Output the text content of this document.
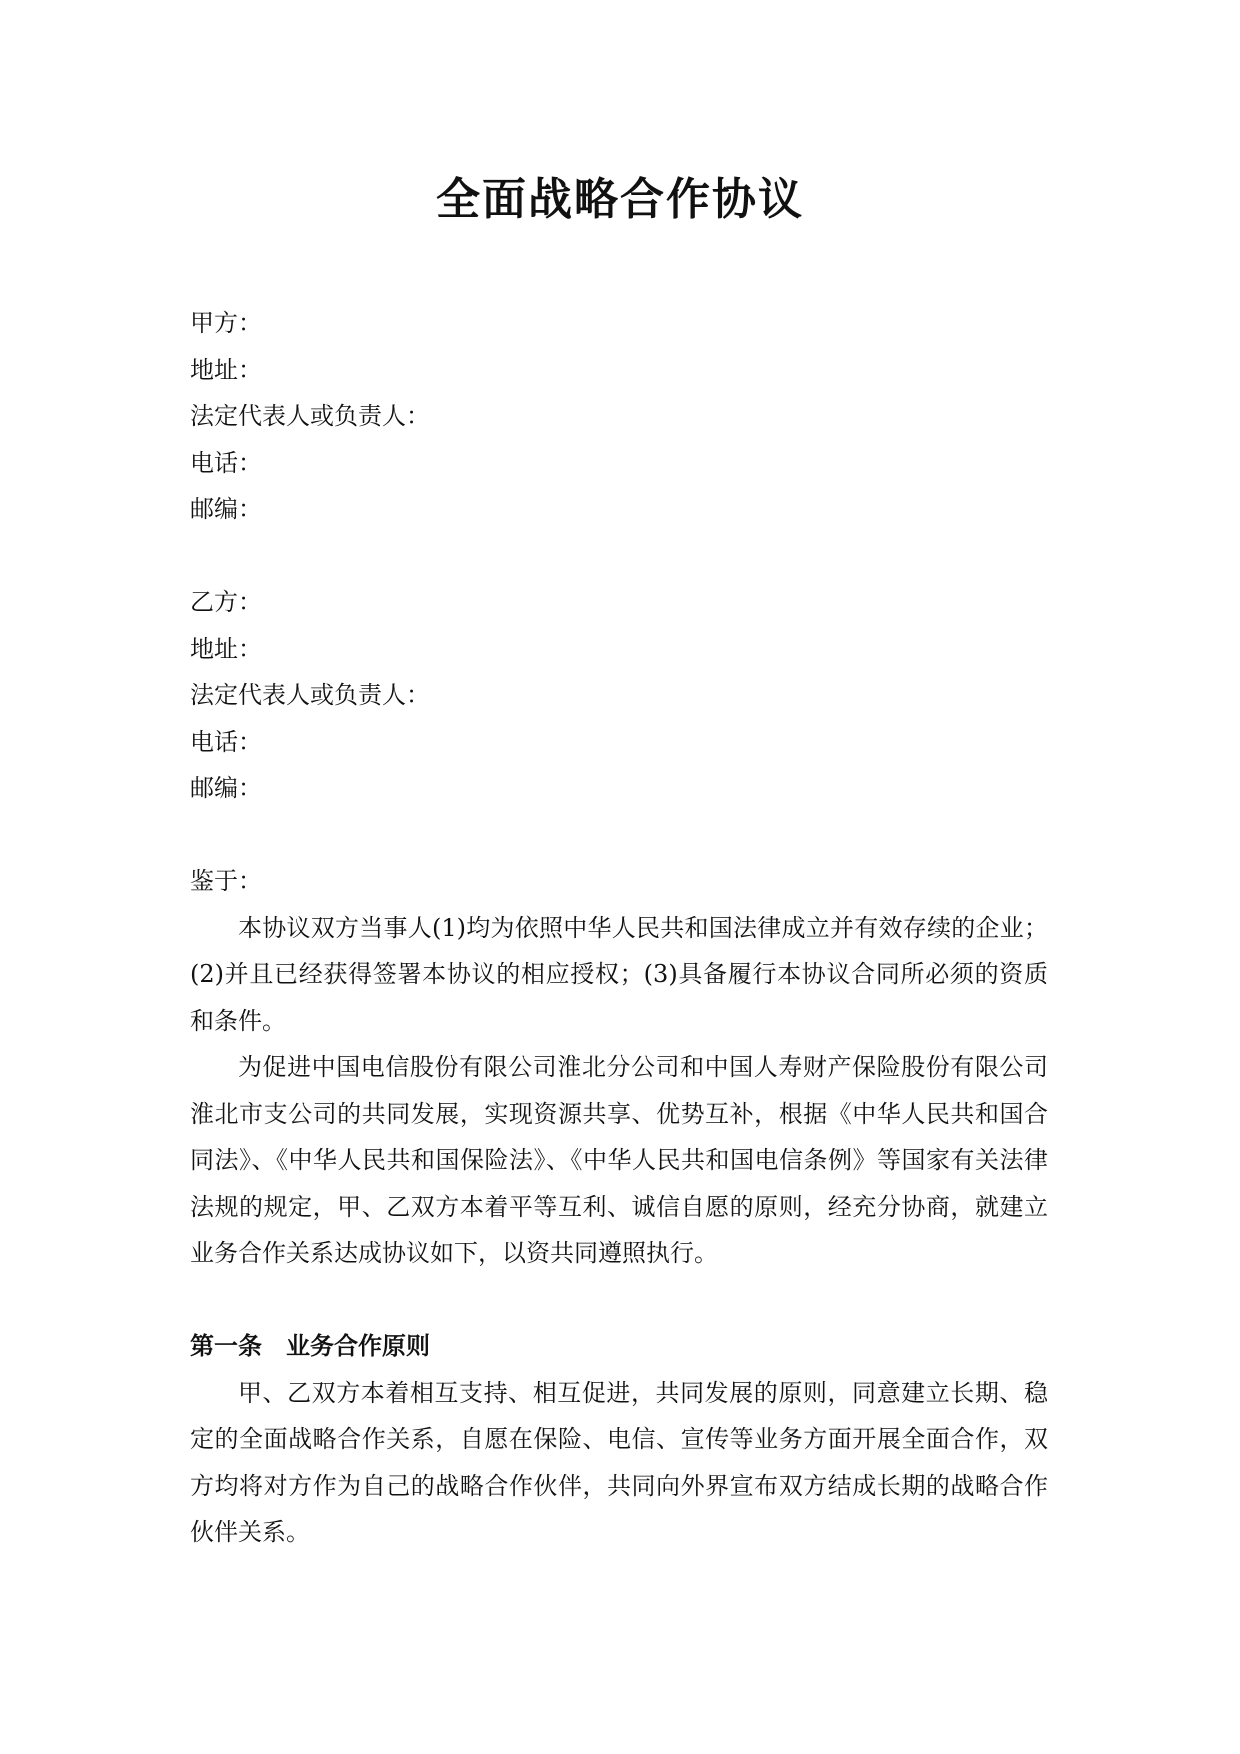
全面战略合作协议

甲方：

地址：

法定代表人或负责人：

电话：

邮编：

乙方：

地址：

法定代表人或负责人：

电话：

邮编：

鉴于：

本协议双方当事人(1)均为依照中华人民共和国法律成立并有效存续的企业；(2)并且已经获得签署本协议的相应授权；(3)具备履行本协议合同所必须的资质和条件。

为促进中国电信股份有限公司淮北分公司和中国人寿财产保险股份有限公司淮北市支公司的共同发展，实现资源共享、优势互补，根据《中华人民共和国合同法》、《中华人民共和国保险法》、《中华人民共和国电信条例》等国家有关法律法规的规定，甲、乙双方本着平等互利、诚信自愿的原则，经充分协商，就建立业务合作关系达成协议如下，以资共同遵照执行。

第一条　业务合作原则

甲、乙双方本着相互支持、相互促进，共同发展的原则，同意建立长期、稳定的全面战略合作关系，自愿在保险、电信、宣传等业务方面开展全面合作，双方均将对方作为自己的战略合作伙伴，共同向外界宣布双方结成长期的战略合作伙伴关系。
